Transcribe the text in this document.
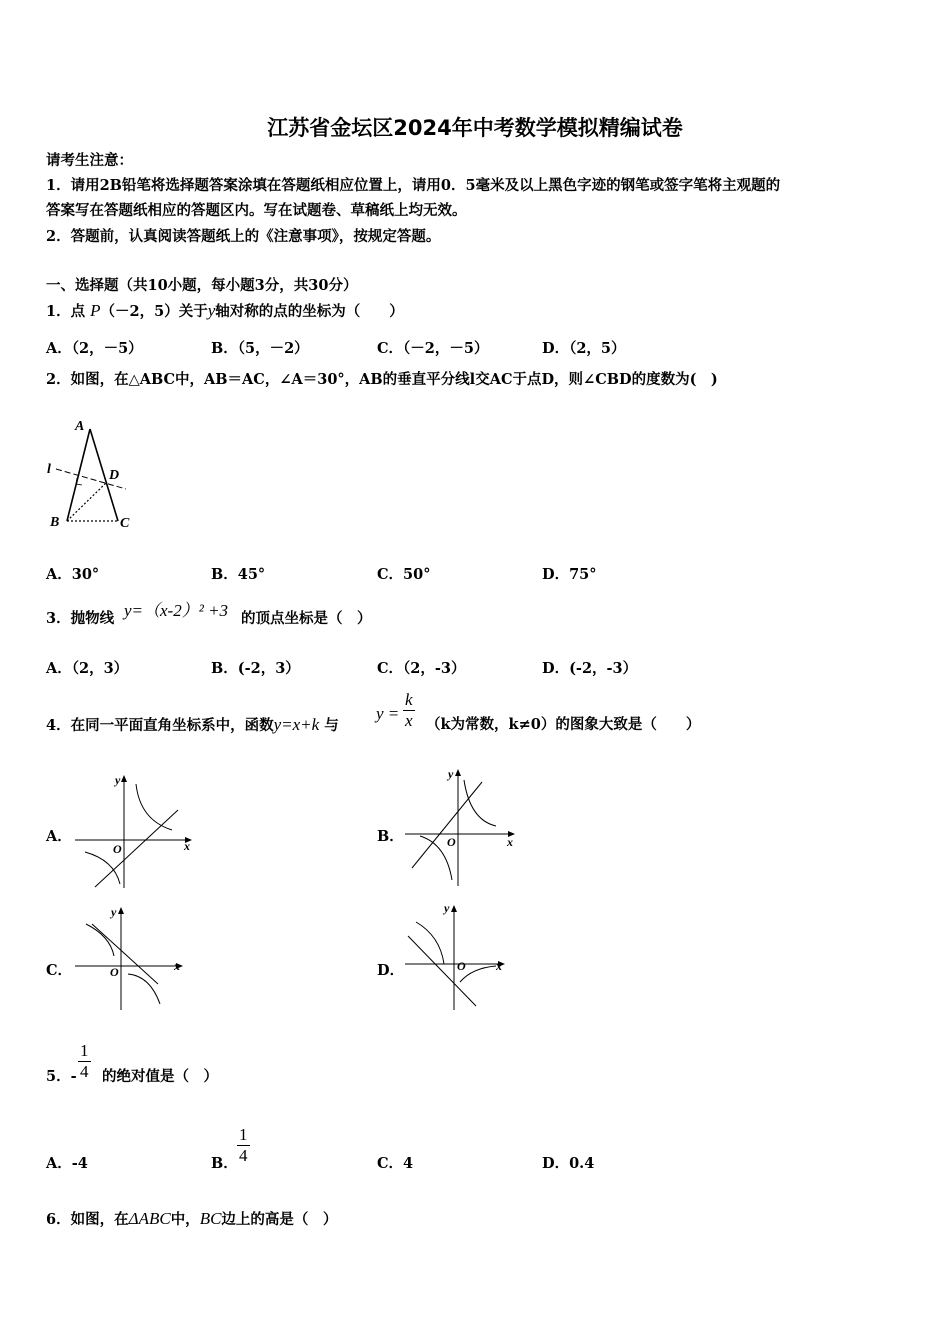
江苏省金坛区2024年中考数学模拟精编试卷
请考生注意：
1．请用2B铅笔将选择题答案涂填在答题纸相应位置上，请用0．5毫米及以上黑色字迹的钢笔或签字笔将主观题的
答案写在答题纸相应的答题区内。写在试题卷、草稿纸上均无效。
2．答题前，认真阅读答题纸上的《注意事项》，按规定答题。
一、选择题（共10小题，每小题3分，共30分）
1．点 P（－2，5）关于y轴对称的点的坐标为（　　）
A．（2，－5）	B．（5，－2）	C．（－2，－5）	D．（2，5）
2．如图，在△ABC中，AB＝AC，∠A＝30°，AB的垂直平分线l交AC于点D，则∠CBD的度数为(　)
A
l	D
B	C
A．30°	B．45°	C．50°	D．75°
3．抛物线 y=（x-2）² +3 的顶点坐标是（　）
A．（2，3）	B．(-2，3）	C．（2，-3）	D．(-2，-3）
4．在同一平面直角坐标系中，函数y=x+k 与
$y = \frac{k}{x} (k$为常数，k≠0）的图象大致是（　　）
A．
x
y
O
B．	x
y
O
C．	x
y
O	D．	x
y
O
5．- $\frac{1}{4}$ 的绝对值是（　）
A．-4	B． $\frac{1}{4}$	C．4	D．0.4
6．如图，在ΔABC中，BC边上的高是（　）
